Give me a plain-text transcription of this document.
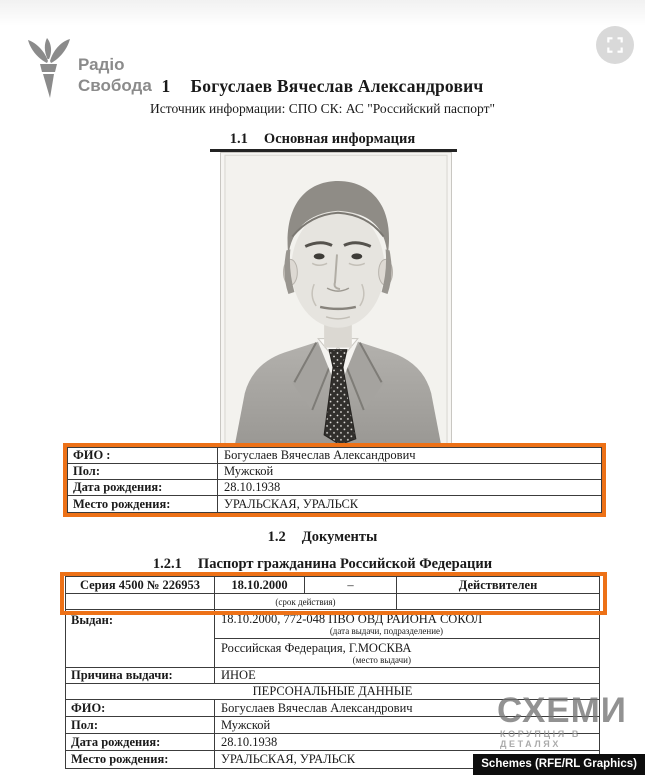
Радіо
Свобода 1 Богуслаев Вячеслав Александрович
Источник информации: СПО СК: АС "Российский паспорт"
1.1 Основная информация
ФИО :	Богуслаев Вячеслав Александрович
Пол:	Мужской
Дата рождения:	28.10.1938
Место рождения:	УРАЛЬСКАЯ, УРАЛЬСК
1.2 Документы
1.2.1 Паспорт гражданина Российской Федерации
Серия 4500 № 226953	18.10.2000	–	Действителен
(срок действия)
Выдан:	18.10.2000, 772-048 ПВО ОВД РАЙОНА СОКОЛ
(дата выдачи, подразделение)
Российская Федерация, Г.МОСКВА
(место выдачи)
Причина выдачи:	ИНОЕ
ПЕРСОНАЛЬНЫЕ ДАННЫЕ
ФИО:	Богуслаев Вячеслав Александрович
Пол:	Мужской
Дата рождения:	28.10.1938
Место рождения:	УРАЛЬСКАЯ, УРАЛЬСК
СХЕМИ
КОРУПЦІЯ В ДЕТАЛЯХ
Schemes (RFE/RL Graphics)
